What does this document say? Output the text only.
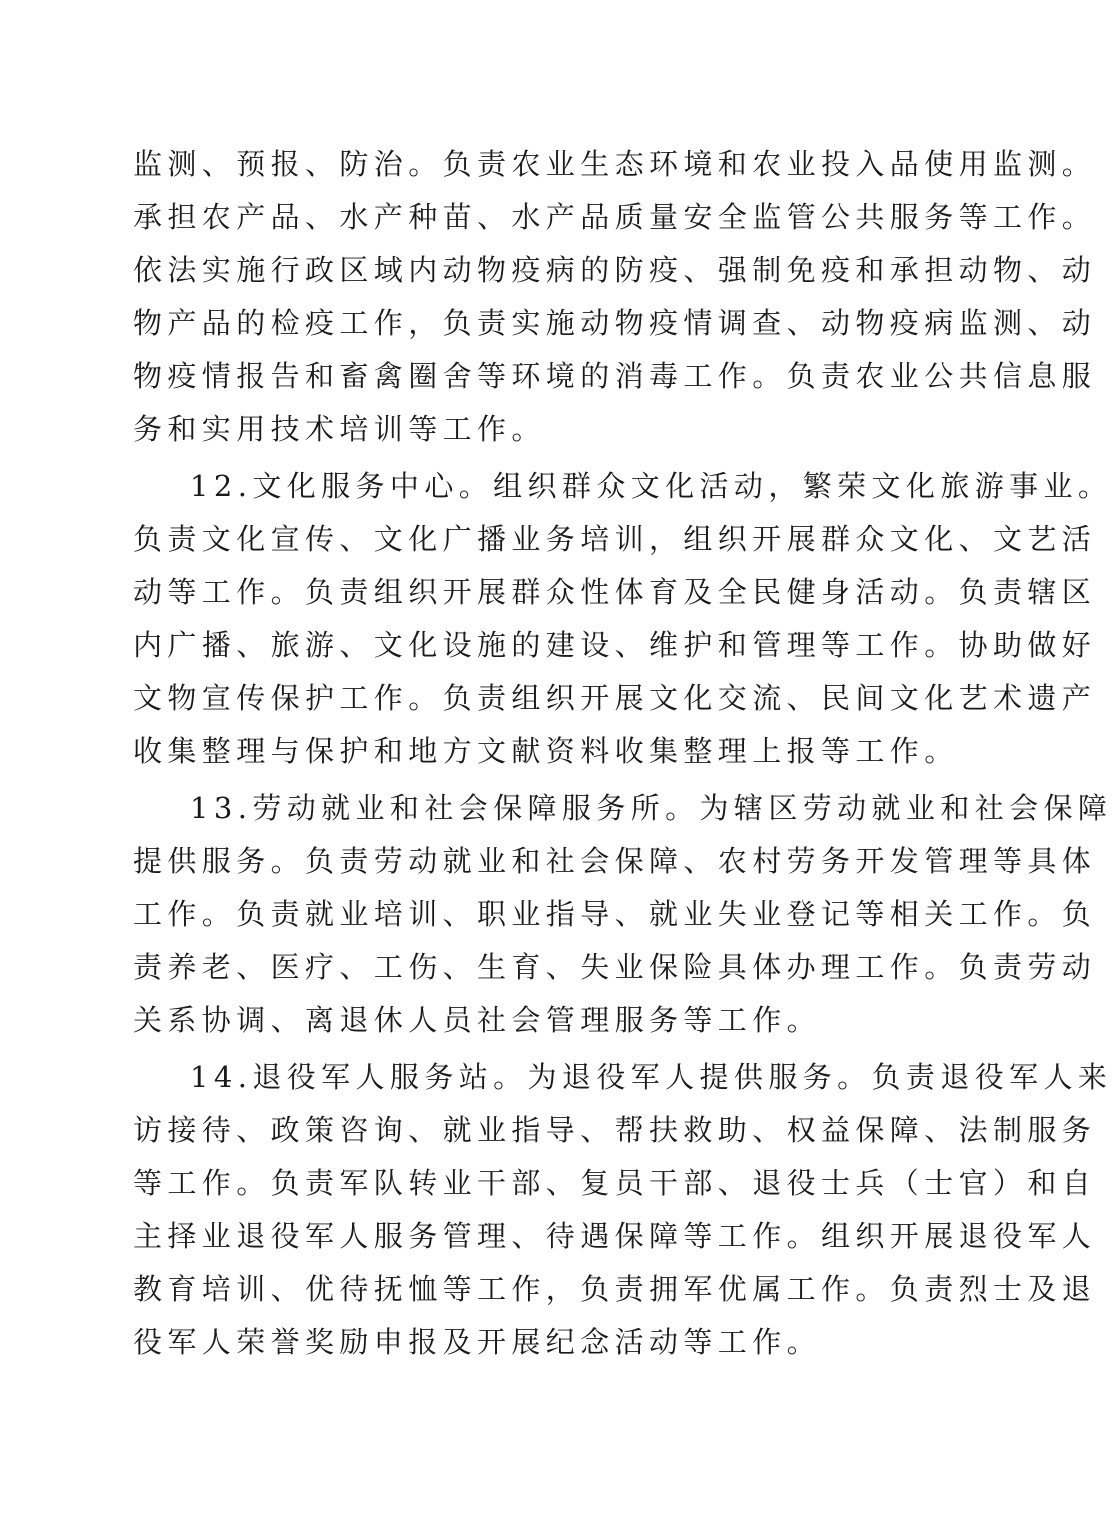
监测、预报、防治。负责农业生态环境和农业投入品使用监测。
承担农产品、水产种苗、水产品质量安全监管公共服务等工作。
依法实施行政区域内动物疫病的防疫、强制免疫和承担动物、动
物产品的检疫工作，负责实施动物疫情调查、动物疫病监测、动
物疫情报告和畜禽圈舍等环境的消毒工作。负责农业公共信息服
务和实用技术培训等工作。
12.文化服务中心。组织群众文化活动，繁荣文化旅游事业。
负责文化宣传、文化广播业务培训，组织开展群众文化、文艺活
动等工作。负责组织开展群众性体育及全民健身活动。负责辖区
内广播、旅游、文化设施的建设、维护和管理等工作。协助做好
文物宣传保护工作。负责组织开展文化交流、民间文化艺术遗产
收集整理与保护和地方文献资料收集整理上报等工作。
13.劳动就业和社会保障服务所。为辖区劳动就业和社会保障
提供服务。负责劳动就业和社会保障、农村劳务开发管理等具体
工作。负责就业培训、职业指导、就业失业登记等相关工作。负
责养老、医疗、工伤、生育、失业保险具体办理工作。负责劳动
关系协调、离退休人员社会管理服务等工作。
14.退役军人服务站。为退役军人提供服务。负责退役军人来
访接待、政策咨询、就业指导、帮扶救助、权益保障、法制服务
等工作。负责军队转业干部、复员干部、退役士兵（士官）和自
主择业退役军人服务管理、待遇保障等工作。组织开展退役军人
教育培训、优待抚恤等工作，负责拥军优属工作。负责烈士及退
役军人荣誉奖励申报及开展纪念活动等工作。
